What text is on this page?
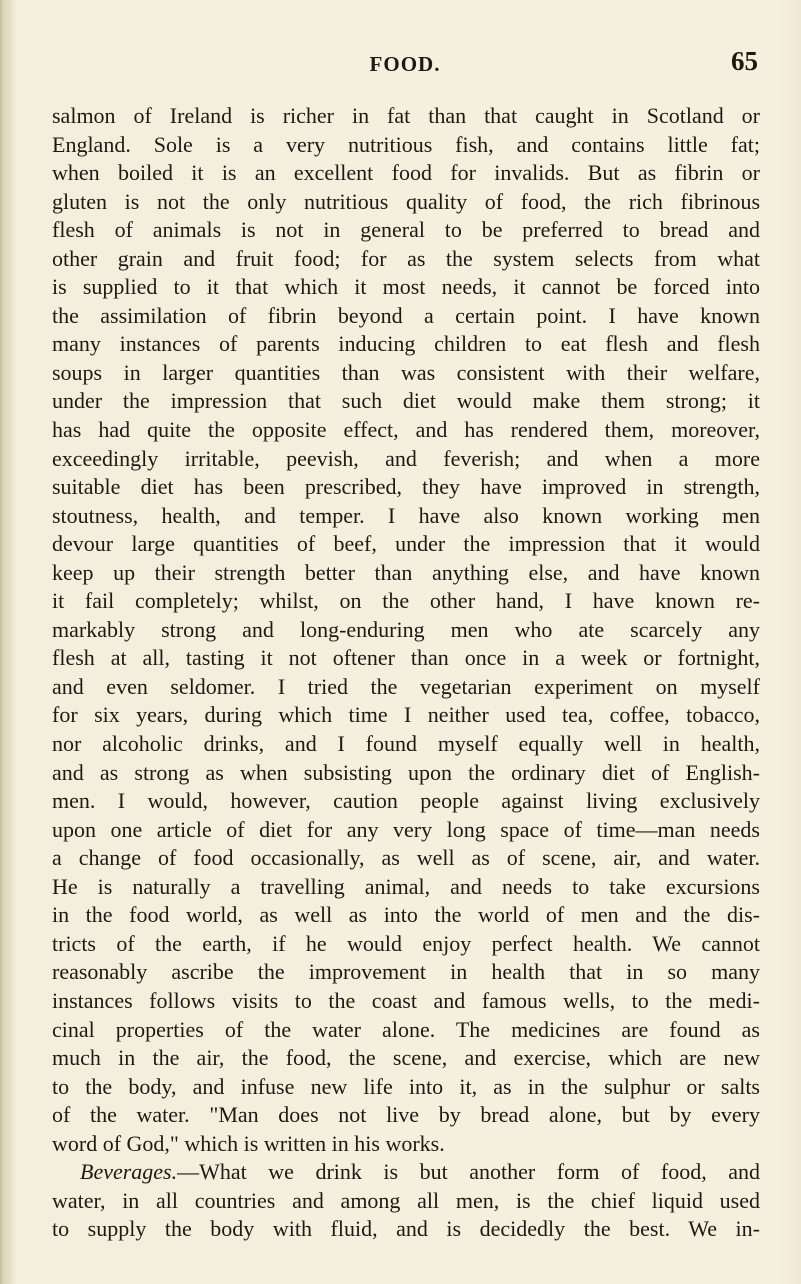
FOOD.	65
salmon of Ireland is richer in fat than that caught in Scotland or
England. Sole is a very nutritious fish, and contains little fat;
when boiled it is an excellent food for invalids. But as fibrin or
gluten is not the only nutritious quality of food, the rich fibrinous
flesh of animals is not in general to be preferred to bread and
other grain and fruit food; for as the system selects from what
is supplied to it that which it most needs, it cannot be forced into
the assimilation of fibrin beyond a certain point. I have known
many instances of parents inducing children to eat flesh and flesh
soups in larger quantities than was consistent with their welfare,
under the impression that such diet would make them strong; it
has had quite the opposite effect, and has rendered them, moreover,
exceedingly irritable, peevish, and feverish; and when a more
suitable diet has been prescribed, they have improved in strength,
stoutness, health, and temper. I have also known working men
devour large quantities of beef, under the impression that it would
keep up their strength better than anything else, and have known
it fail completely; whilst, on the other hand, I have known re-
markably strong and long-enduring men who ate scarcely any
flesh at all, tasting it not oftener than once in a week or fortnight,
and even seldomer. I tried the vegetarian experiment on myself
for six years, during which time I neither used tea, coffee, tobacco,
nor alcoholic drinks, and I found myself equally well in health,
and as strong as when subsisting upon the ordinary diet of English-
men. I would, however, caution people against living exclusively
upon one article of diet for any very long space of time—man needs
a change of food occasionally, as well as of scene, air, and water.
He is naturally a travelling animal, and needs to take excursions
in the food world, as well as into the world of men and the dis-
tricts of the earth, if he would enjoy perfect health. We cannot
reasonably ascribe the improvement in health that in so many
instances follows visits to the coast and famous wells, to the medi-
cinal properties of the water alone. The medicines are found as
much in the air, the food, the scene, and exercise, which are new
to the body, and infuse new life into it, as in the sulphur or salts
of the water. "Man does not live by bread alone, but by every
word of God," which is written in his works.
Beverages.—What we drink is but another form of food, and
water, in all countries and among all men, is the chief liquid used
to supply the body with fluid, and is decidedly the best. We in-
